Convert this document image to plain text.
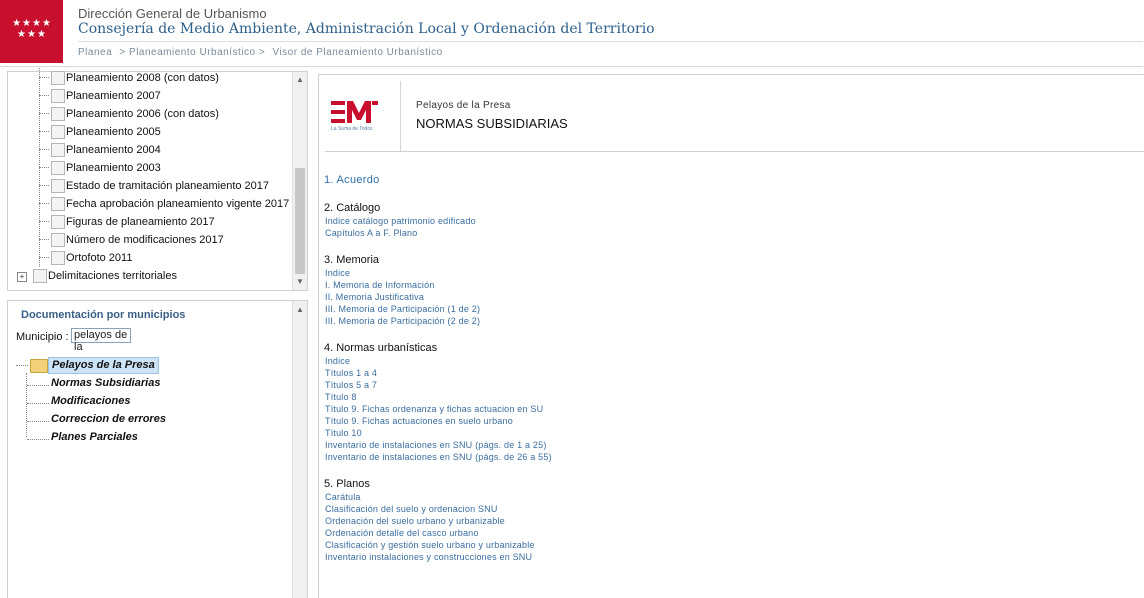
★★★★
★★★
Dirección General de Urbanismo
Consejería de Medio Ambiente, Administración Local y Ordenación del Territorio
Planea > Planeamiento Urbanístico > Visor de Planeamiento Urbanístico
Planeamiento 2008 (con datos)
Planeamiento 2007
Planeamiento 2006 (con datos)
Planeamiento 2005
Planeamiento 2004
Planeamiento 2003
Estado de tramitación planeamiento 2017
Fecha aprobación planeamiento vigente 2017
Figuras de planeamiento 2017
Número de modificaciones 2017
Ortofoto 2011
+ Delimitaciones territoriales
▲
▼
Documentación por municipios
Municipio : pelayos de la
▲
Pelayos de la Presa
Normas Subsidiarias
Modificaciones
Correccion de errores
Planes Parciales
La Suma de Todos
Pelayos de la Presa
NORMAS SUBSIDIARIAS
1. Acuerdo
2. Catálogo
Indice catálogo patrimonio edificado
Capítulos A a F. Plano
3. Memoria
Indice
I. Memoria de Información
II. Memoria Justificativa
III. Memoria de Participación (1 de 2)
III. Memoria de Participación (2 de 2)
4. Normas urbanísticas
Indice
Títulos 1 a 4
Títulos 5 a 7
Título 8
Título 9. Fichas ordenanza y fichas actuacion en SU
Título 9. Fichas actuaciones en suelo urbano
Título 10
Inventario de instalaciones en SNU (págs. de 1 a 25)
Inventario de instalaciones en SNU (págs. de 26 a 55)
5. Planos
Carátula
Clasificación del suelo y ordenacion SNU
Ordenación del suelo urbano y urbanizable
Ordenación detalle del casco urbano
Clasificación y gestión suelo urbano y urbanizable
Inventario instalaciones y construcciones en SNU
